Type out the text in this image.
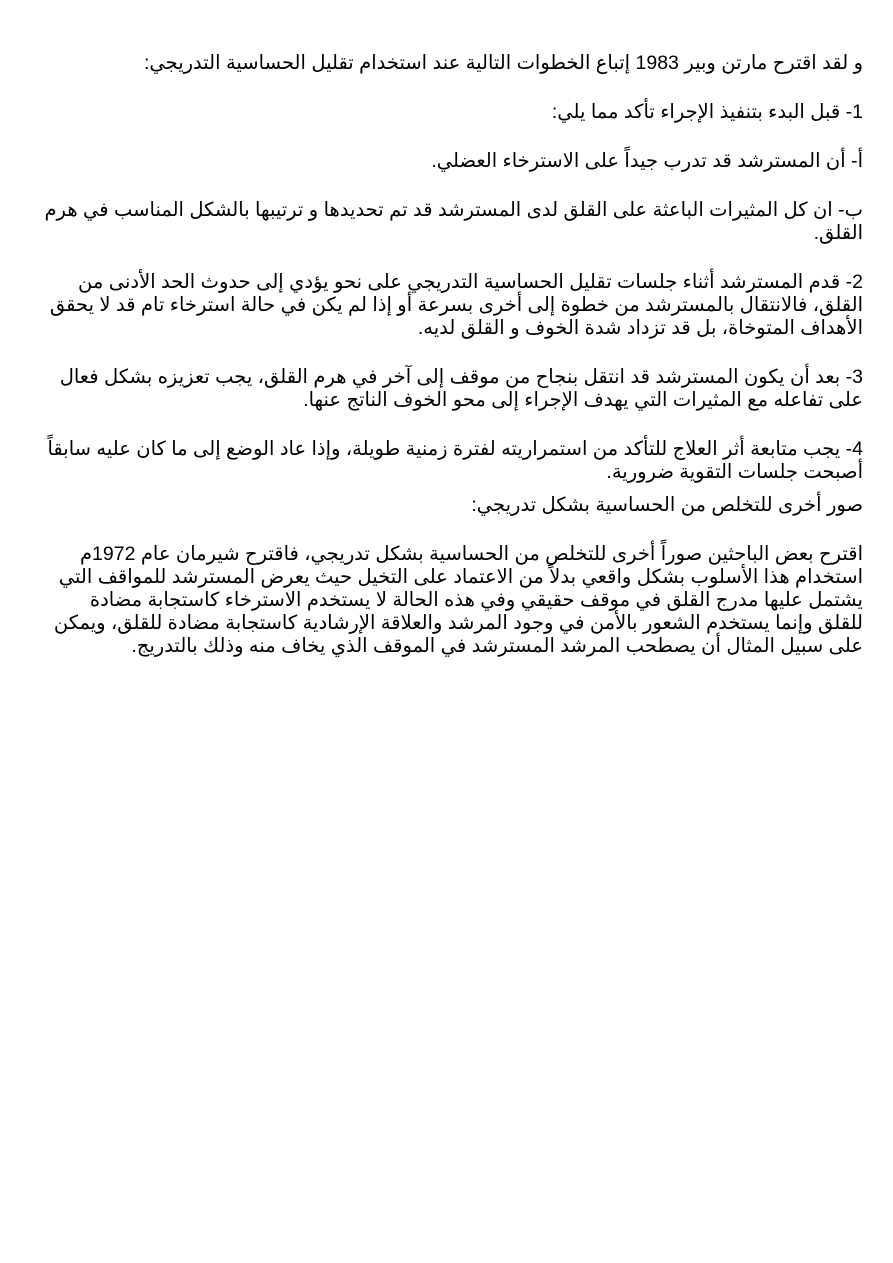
و لقد اقترح مارتن وبير 1983 إتباع الخطوات التالية عند استخدام تقليل الحساسية التدريجي:

1- قبل البدء بتنفيذ الإجراء تأكد مما يلي:

أ- أن المسترشد قد تدرب جيداً على الاسترخاء العضلي.

ب- ان كل المثيرات الباعثة على القلق لدى المسترشد قد تم تحديدها و ترتيبها بالشكل المناسب في هرم القلق.

2- قدم المسترشد أثناء جلسات تقليل الحساسية التدريجي على نحو يؤدي إلى حدوث الحد الأدنى من القلق، فالانتقال بالمسترشد من خطوة إلى أخرى بسرعة أو إذا لم يكن في حالة استرخاء تام قد لا يحقق الأهداف المتوخاة، بل قد تزداد شدة الخوف و القلق لديه.

3- بعد أن يكون المسترشد قد انتقل بنجاح من موقف إلى آخر في هرم القلق، يجب تعزيزه بشكل فعال على تفاعله مع المثيرات التي يهدف الإجراء إلى محو الخوف الناتج عنها.

4- يجب متابعة أثر العلاج للتأكد من استمراريته لفترة زمنية طويلة، وإذا عاد الوضع إلى ما كان عليه سابقاً أصبحت جلسات التقوية ضرورية.

صور أخرى للتخلص من الحساسية بشكل تدريجي:

اقترح بعض الباحثين صوراً أخرى للتخلص من الحساسية بشكل تدريجي، فاقترح شيرمان عام 1972م استخدام هذا الأسلوب بشكل واقعي بدلاً من الاعتماد على التخيل حيث يعرض المسترشد للمواقف التي يشتمل عليها مدرج القلق في موقف حقيقي وفي هذه الحالة لا يستخدم الاسترخاء كاستجابة مضادة للقلق وإنما يستخدم الشعور بالأمن في وجود المرشد والعلاقة الإرشادية كاستجابة مضادة للقلق، ويمكن على سبيل المثال أن يصطحب المرشد المسترشد في الموقف الذي يخاف منه وذلك بالتدريج.
